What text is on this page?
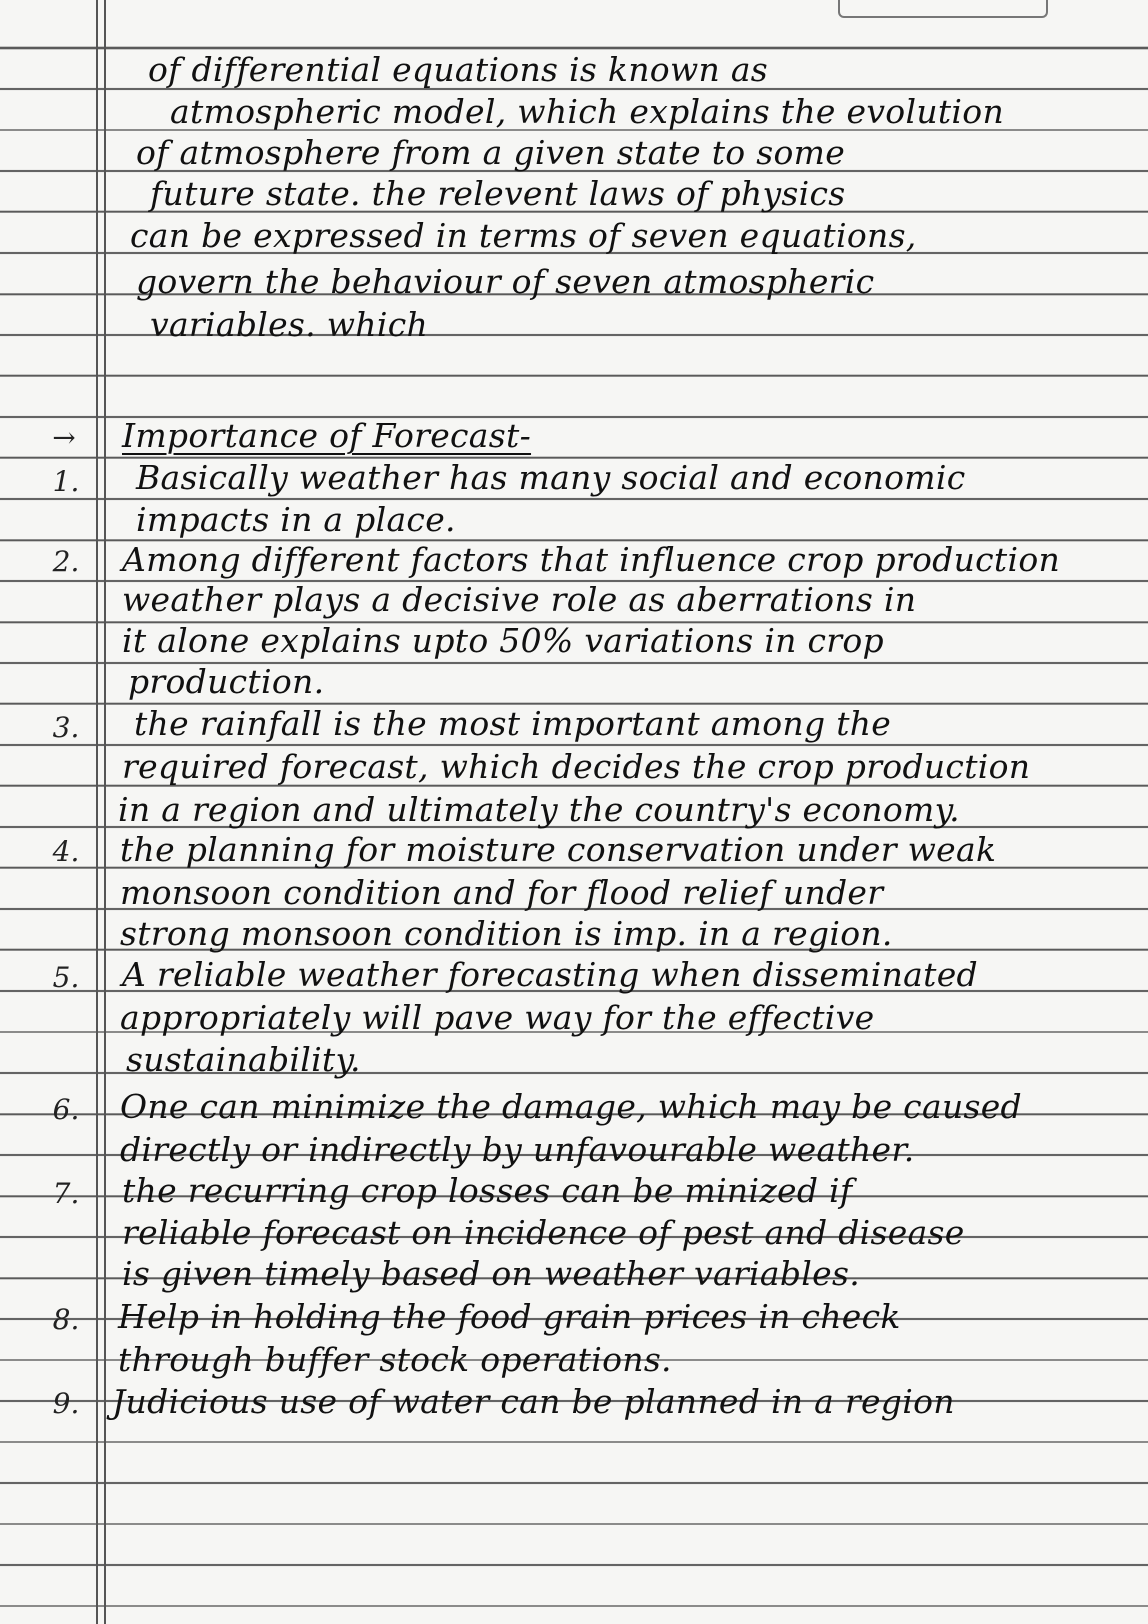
of differential equations is known as
atmospheric model, which explains the evolution
of atmosphere from a given state to some
future state. the relevent laws of physics
can be expressed in terms of seven equations,
govern the behaviour of seven atmospheric
variables. which
→	Importance of Forecast-
1.	Basically weather has many social and economic
impacts in a place.
2.	Among different factors that influence crop production
weather plays a decisive role as aberrations in
it alone explains upto 50% variations in crop
production.
3.	the rainfall is the most important among the
required forecast, which decides the crop production
in a region and ultimately the country's economy.
4.	the planning for moisture conservation under weak
monsoon condition and for flood relief under
strong monsoon condition is imp. in a region.
5.	A reliable weather forecasting when disseminated
appropriately will pave way for the effective
sustainability.
6.	One can minimize the damage, which may be caused
directly or indirectly by unfavourable weather.
7.	the recurring crop losses can be minized if
reliable forecast on incidence of pest and disease
is given timely based on weather variables.
8.	Help in holding the food grain prices in check
through buffer stock operations.
9. Judicious use of water can be planned in a region
